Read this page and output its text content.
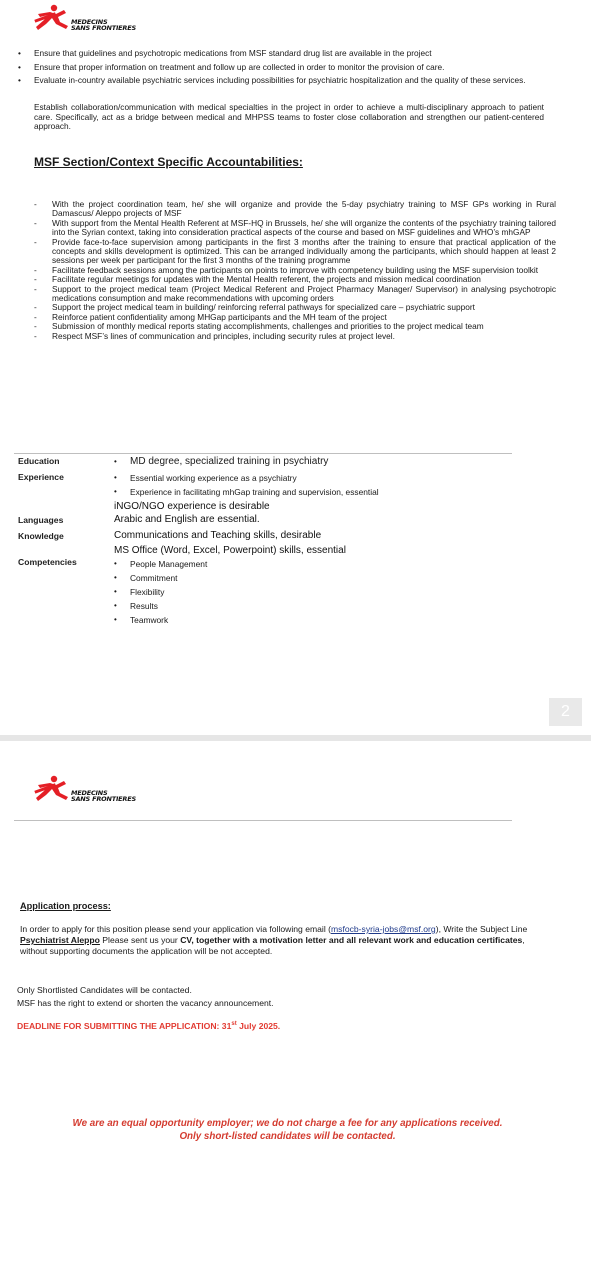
MEDECINS
SANS FRONTIERES
• Ensure that guidelines and psychotropic medications from MSF standard drug list are available in the project
• Ensure that proper information on treatment and follow up are collected in order to monitor the provision of care.
• Evaluate in-country available psychiatric services including possibilities for psychiatric hospitalization and the quality of these services.
Establish collaboration/communication with medical specialties in the project in order to achieve a multi-disciplinary approach to patient care. Specifically, act as a bridge between medical and MHPSS teams to foster close collaboration and strengthen our patient-centered approach.
MSF Section/Context Specific Accountabilities:
- With the project coordination team, he/ she will organize and provide the 5-day psychiatry training to MSF GPs working in Rural Damascus/ Aleppo projects of MSF
- With support from the Mental Health Referent at MSF-HQ in Brussels, he/ she will organize the contents of the psychiatry training tailored into the Syrian context, taking into consideration practical aspects of the course and based on MSF guidelines and WHO’s mhGAP
- Provide face-to-face supervision among participants in the first 3 months after the training to ensure that practical application of the concepts and skills development is optimized. This can be arranged individually among the participants, which should happen at least 2 sessions per week per participant for the first 3 months of the training programme
- Facilitate feedback sessions among the participants on points to improve with competency building using the MSF supervision toolkit
- Facilitate regular meetings for updates with the Mental Health referent, the projects and mission medical coordination
- Support to the project medical team (Project Medical Referent and Project Pharmacy Manager/ Supervisor) in analysing psychotropic medications consumption and make recommendations with upcoming orders
- Support the project medical team in building/ reinforcing referral pathways for specialized care – psychiatric support
- Reinforce patient confidentiality among MHGap participants and the MH team of the project
- Submission of monthly medical reports stating accomplishments, challenges and priorities to the project medical team
- Respect MSF’s lines of communication and principles, including security rules at project level.
Education	• MD degree, specialized training in psychiatry
Experience	• Essential working experience as a psychiatry
• Experience in facilitating mhGap training and supervision, essential
iNGO/NGO experience is desirable
Languages	Arabic and English are essential.
Knowledge	Communications and Teaching skills, desirable
MS Office (Word, Excel, Powerpoint) skills, essential
Competencies	• People Management
• Commitment
• Flexibility
• Results
• Teamwork
2
MEDECINS
SANS FRONTIERES
Application process:
In order to apply for this position please send your application via following email (msfocb-syria-jobs@msf.org), Write the Subject Line Psychiatrist Aleppo Please sent us your CV, together with a motivation letter and all relevant work and education certificates, without supporting documents the application will be not accepted.
Only Shortlisted Candidates will be contacted.
MSF has the right to extend or shorten the vacancy announcement.
DEADLINE FOR SUBMITTING THE APPLICATION: 31st July 2025.
We are an equal opportunity employer; we do not charge a fee for any applications received.
Only short-listed candidates will be contacted.
